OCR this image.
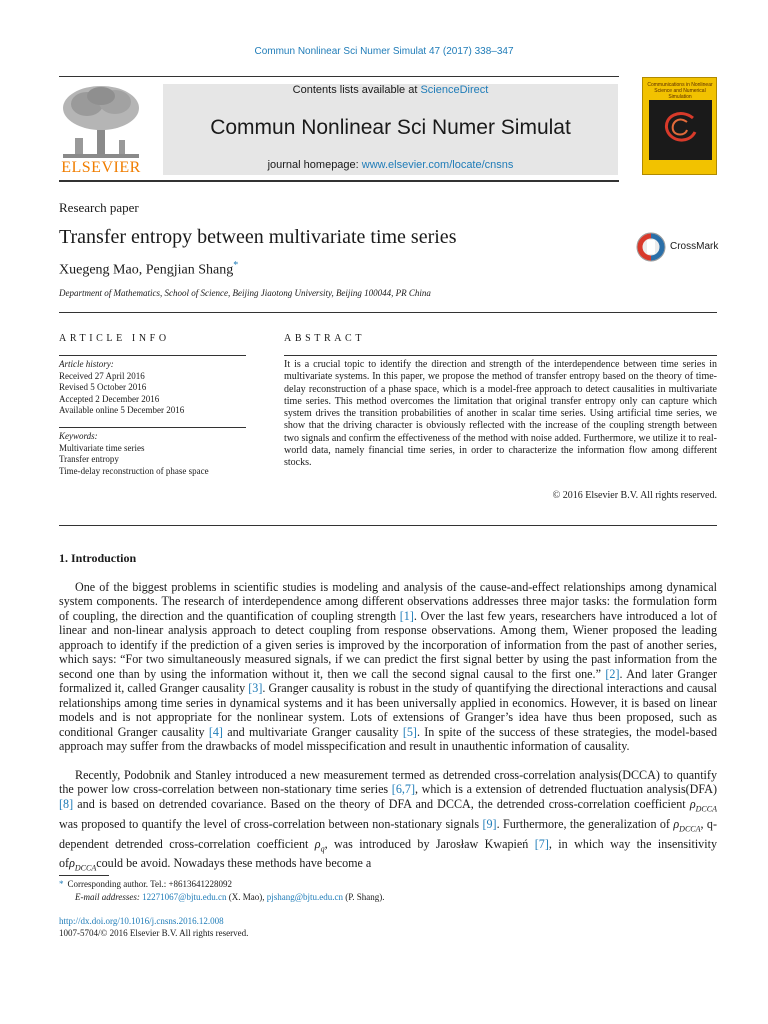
Commun Nonlinear Sci Numer Simulat 47 (2017) 338–347
ELSEVIER
Contents lists available at ScienceDirect
Commun Nonlinear Sci Numer Simulat
journal homepage: www.elsevier.com/locate/cnsns
Communications in Nonlinear Science and Numerical Simulation
Research paper
Transfer entropy between multivariate time series	CrossMark
Xuegeng Mao, Pengjian Shang*
Department of Mathematics, School of Science, Beijing Jiaotong University, Beijing 100044, PR China
ARTICLE INFO
Article history:
Received 27 April 2016
Revised 5 October 2016
Accepted 2 December 2016
Available online 5 December 2016
Keywords:
Multivariate time series
Transfer entropy
Time-delay reconstruction of phase space
ABSTRACT
It is a crucial topic to identify the direction and strength of the interdependence between time series in multivariate systems. In this paper, we propose the method of transfer entropy based on the theory of time-delay reconstruction of a phase space, which is a model-free approach to detect causalities in multivariate time series. This method overcomes the limitation that original transfer entropy only can capture which system drives the transition probabilities of another in scalar time series. Using artificial time series, we show that the driving character is obviously reflected with the increase of the coupling strength between two signals and confirm the effectiveness of the method with noise added. Furthermore, we utilize it to real-world data, namely financial time series, in order to characterize the information flow among different stocks.
© 2016 Elsevier B.V. All rights reserved.
1. Introduction
One of the biggest problems in scientific studies is modeling and analysis of the cause-and-effect relationships among dynamical system components. The research of interdependence among different observations addresses three major tasks: the formulation form of coupling, the direction and the quantification of coupling strength [1]. Over the last few years, researchers have introduced a lot of linear and non-linear analysis approach to detect coupling from response observations. Among them, Wiener proposed the leading approach to identify if the prediction of a given series is improved by the incorporation of information from the past of another series, which says: “For two simultaneously measured signals, if we can predict the first signal better by using the past information from the second one than by using the information without it, then we call the second signal causal to the first one.” [2]. And later Granger formalized it, called Granger causality [3]. Granger causality is robust in the study of quantifying the directional interactions and causal relationships among time series in dynamical systems and it has been universally applied in economics. However, it is based on linear models and is not appropriate for the nonlinear system. Lots of extensions of Granger’s idea have thus been proposed, such as conditional Granger causality [4] and multivariate Granger causality [5]. In spite of the success of these strategies, the model-based approach may suffer from the drawbacks of model misspecification and result in unauthentic information of causality.
Recently, Podobnik and Stanley introduced a new measurement termed as detrended cross-correlation analysis(DCCA) to quantify the power low cross-correlation between non-stationary time series [6,7], which is a extension of detrended fluctuation analysis(DFA) [8] and is based on detrended covariance. Based on the theory of DFA and DCCA, the detrended cross-correlation coefficient $\rho_{DCCA}$ was proposed to quantify the level of cross-correlation between non-stationary signals [9]. Furthermore, the generalization of $\rho_{DCCA}$, q-dependent detrended cross-correlation coefficient $\rho_q$, was introduced by Jarosław Kwapień [7], in which way the insensitivity ofρ$_{DCCA}$could be avoid. Nowadays these methods have become a
* Corresponding author. Tel.: +8613641228092
E-mail addresses: 12271067@bjtu.edu.cn (X. Mao), pjshang@bjtu.edu.cn (P. Shang).
http://dx.doi.org/10.1016/j.cnsns.2016.12.008
1007-5704/© 2016 Elsevier B.V. All rights reserved.
